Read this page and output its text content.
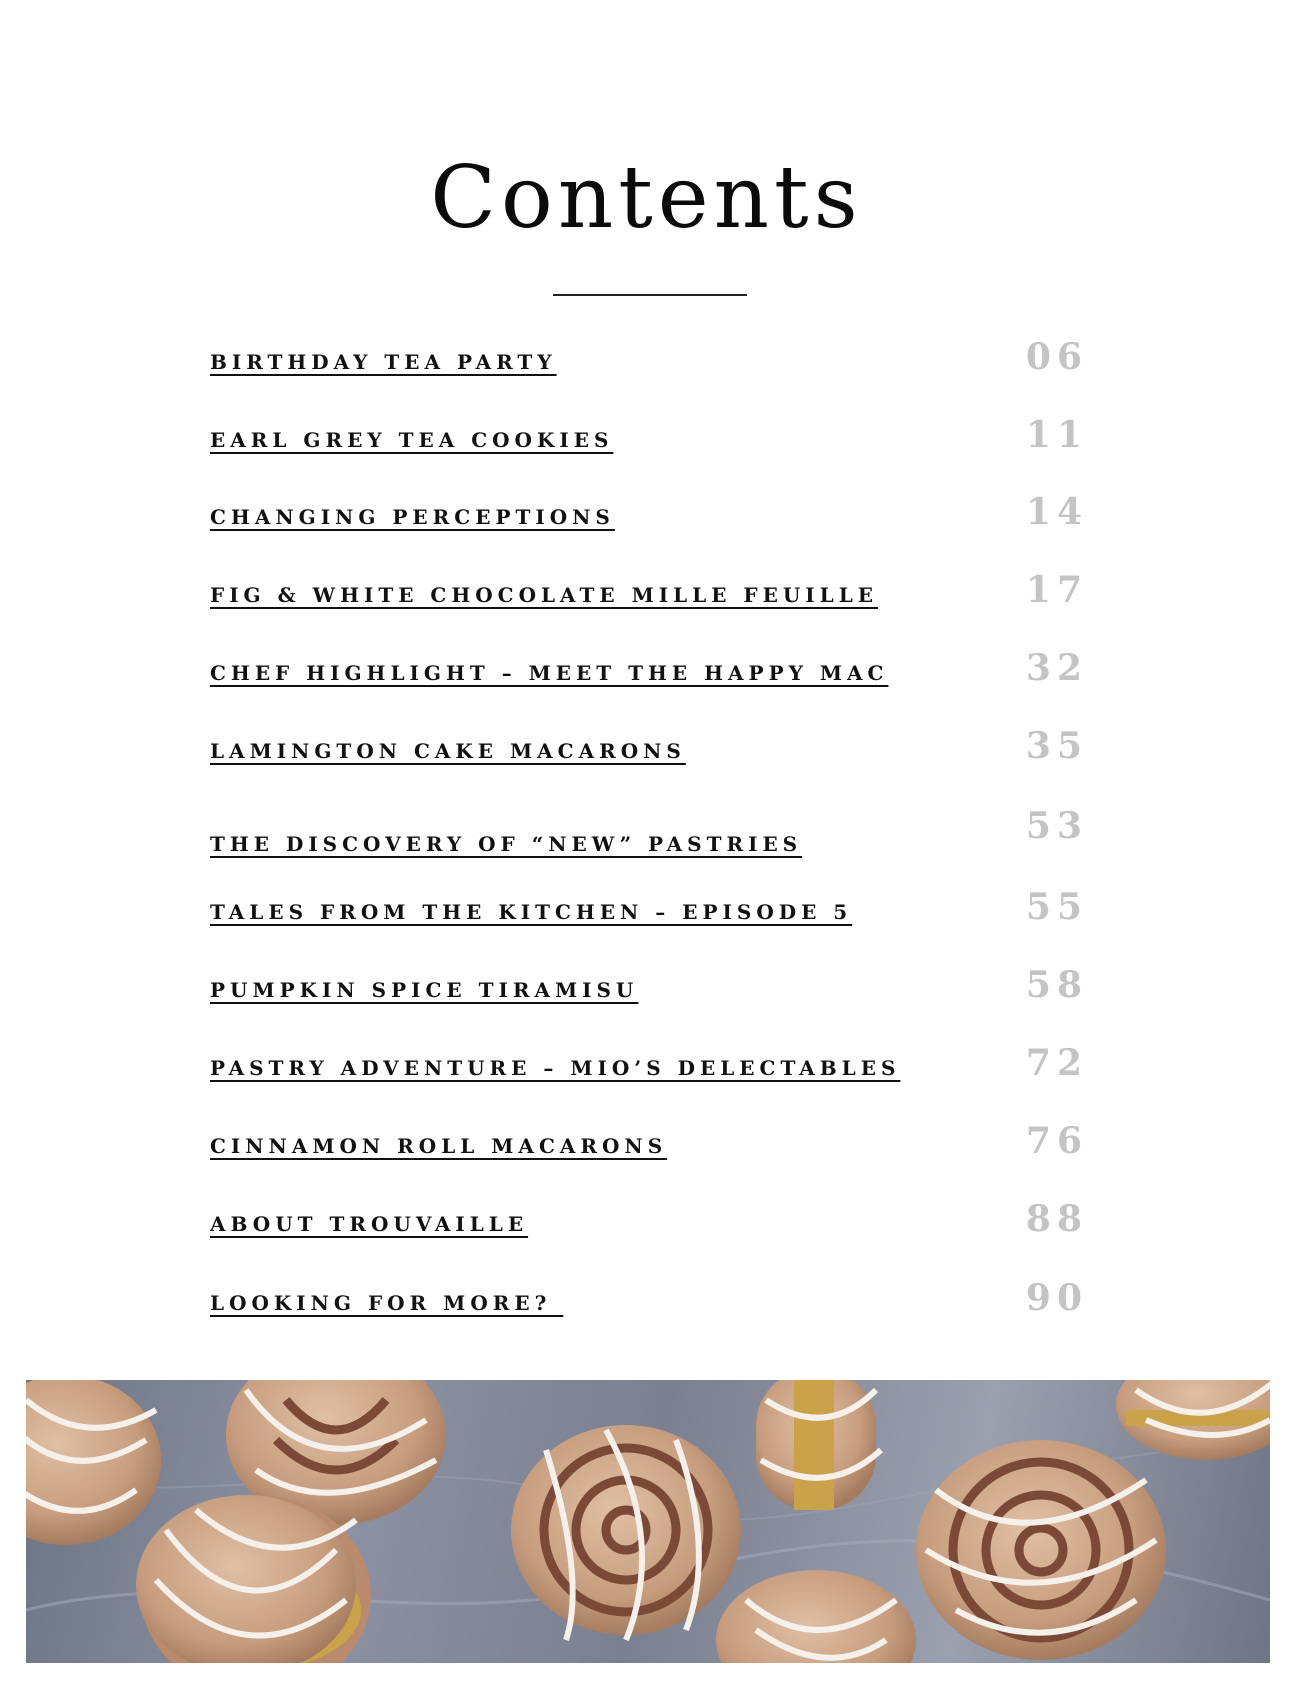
Contents
BIRTHDAY TEA PARTY	06
EARL GREY TEA COOKIES	11
CHANGING PERCEPTIONS	14
FIG & WHITE CHOCOLATE MILLE FEUILLE	17
CHEF HIGHLIGHT – MEET THE HAPPY MAC	32
LAMINGTON CAKE MACARONS	35
THE DISCOVERY OF “NEW” PASTRIES	53
TALES FROM THE KITCHEN – EPISODE 5	55
PUMPKIN SPICE TIRAMISU	58
PASTRY ADVENTURE – MIO’S DELECTABLES	72
CINNAMON ROLL MACARONS	76
ABOUT TROUVAILLE	88
LOOKING FOR MORE?	90
